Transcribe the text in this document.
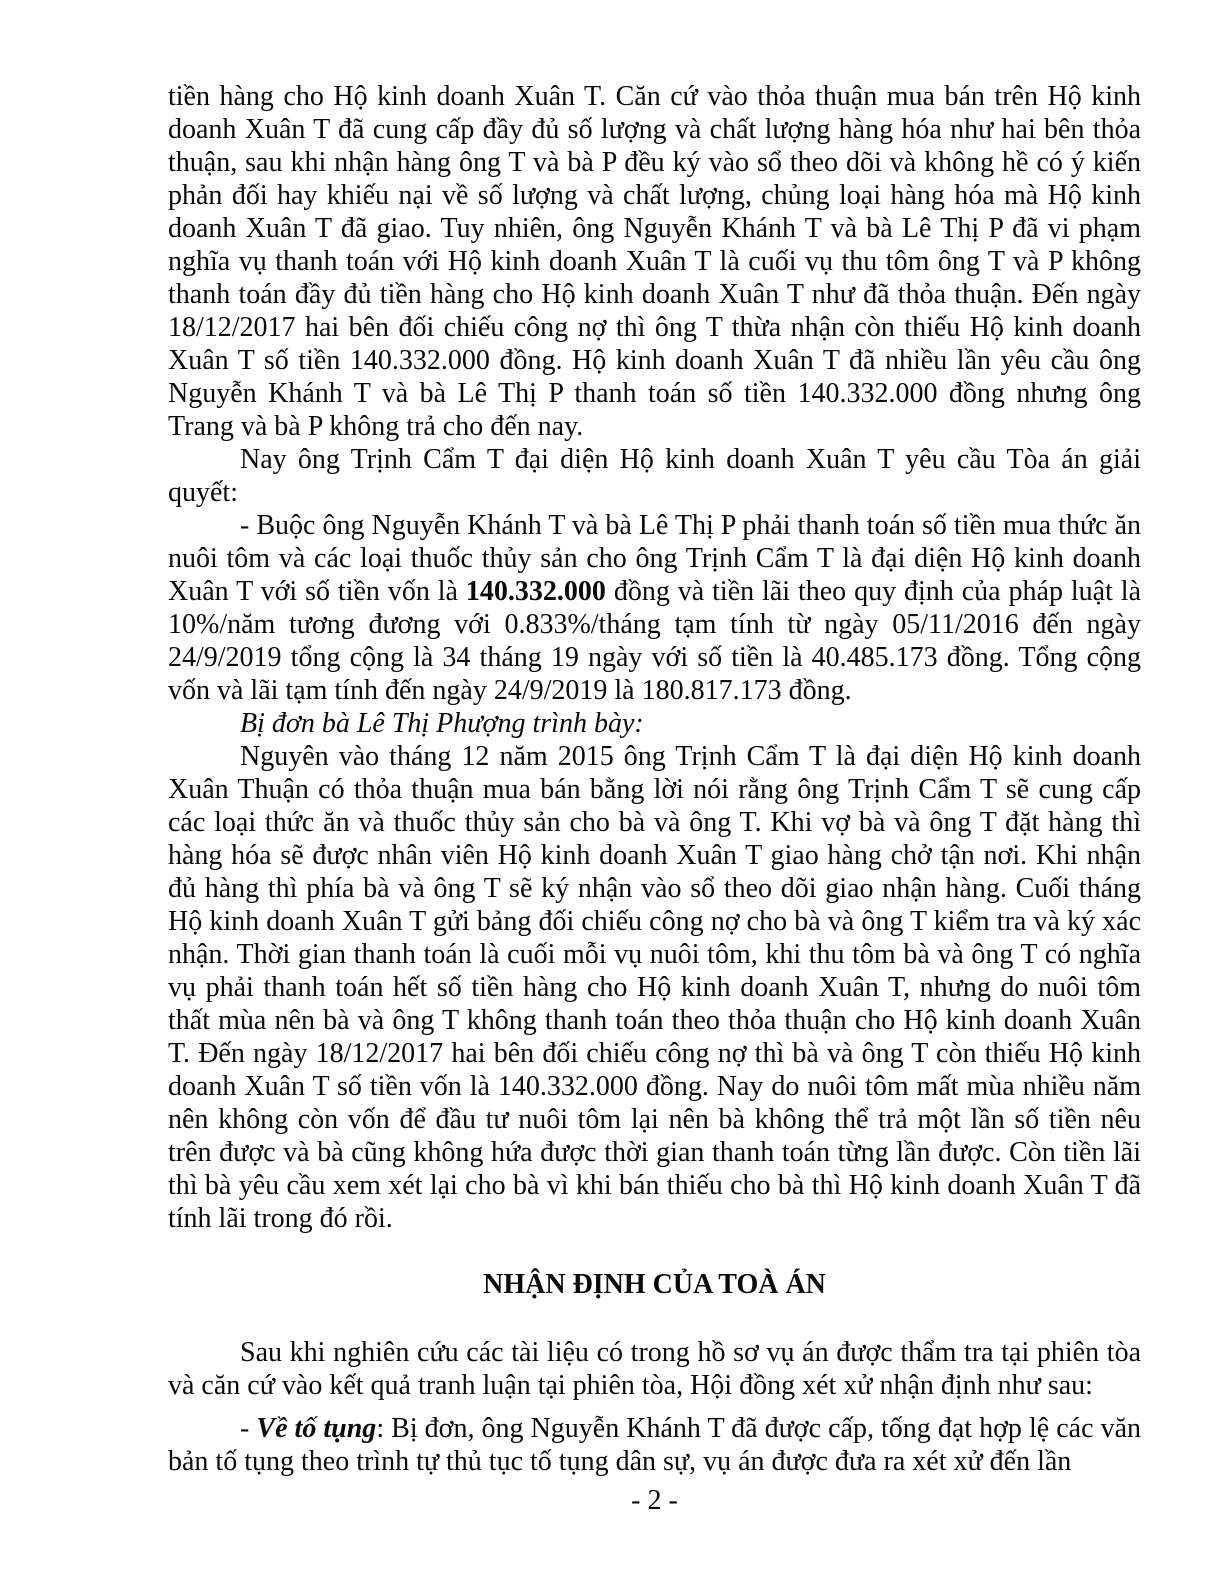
tiền hàng cho Hộ kinh doanh Xuân T. Căn cứ vào thỏa thuận mua bán trên Hộ kinh doanh Xuân T đã cung cấp đầy đủ số lượng và chất lượng hàng hóa như hai bên thỏa thuận, sau khi nhận hàng ông T và bà P đều ký vào sổ theo dõi và không hề có ý kiến phản đối hay khiếu nại về số lượng và chất lượng, chủng loại hàng hóa mà Hộ kinh doanh Xuân T đã giao. Tuy nhiên, ông Nguyễn Khánh T và bà Lê Thị P đã vi phạm nghĩa vụ thanh toán với Hộ kinh doanh Xuân T là cuối vụ thu tôm ông T và P không thanh toán đầy đủ tiền hàng cho Hộ kinh doanh Xuân T như đã thỏa thuận. Đến ngày 18/12/2017 hai bên đối chiếu công nợ thì ông T thừa nhận còn thiếu Hộ kinh doanh Xuân T số tiền 140.332.000 đồng. Hộ kinh doanh Xuân T đã nhiều lần yêu cầu ông Nguyễn Khánh T và bà Lê Thị P thanh toán số tiền 140.332.000 đồng nhưng ông Trang và bà P không trả cho đến nay.

Nay ông Trịnh Cẩm T đại diện Hộ kinh doanh Xuân T yêu cầu Tòa án giải quyết:

- Buộc ông Nguyễn Khánh T và bà Lê Thị P phải thanh toán số tiền mua thức ăn nuôi tôm và các loại thuốc thủy sản cho ông Trịnh Cẩm T là đại diện Hộ kinh doanh Xuân T với số tiền vốn là 140.332.000 đồng và tiền lãi theo quy định của pháp luật là 10%/năm tương đương với 0.833%/tháng tạm tính từ ngày 05/11/2016 đến ngày 24/9/2019 tổng cộng là 34 tháng 19 ngày với số tiền là 40.485.173 đồng. Tổng cộng vốn và lãi tạm tính đến ngày 24/9/2019 là 180.817.173 đồng.

Bị đơn bà Lê Thị Phượng trình bày:

Nguyên vào tháng 12 năm 2015 ông Trịnh Cẩm T là đại diện Hộ kinh doanh Xuân Thuận có thỏa thuận mua bán bằng lời nói rằng ông Trịnh Cẩm T sẽ cung cấp các loại thức ăn và thuốc thủy sản cho bà và ông T. Khi vợ bà và ông T đặt hàng thì hàng hóa sẽ được nhân viên Hộ kinh doanh Xuân T giao hàng chở tận nơi. Khi nhận đủ hàng thì phía bà và ông T sẽ ký nhận vào sổ theo dõi giao nhận hàng. Cuối tháng Hộ kinh doanh Xuân T gửi bảng đối chiếu công nợ cho bà và ông T kiểm tra và ký xác nhận. Thời gian thanh toán là cuối mỗi vụ nuôi tôm, khi thu tôm bà và ông T có nghĩa vụ phải thanh toán hết số tiền hàng cho Hộ kinh doanh Xuân T, nhưng do nuôi tôm thất mùa nên bà và ông T không thanh toán theo thỏa thuận cho Hộ kinh doanh Xuân T. Đến ngày 18/12/2017 hai bên đối chiếu công nợ thì bà và ông T còn thiếu Hộ kinh doanh Xuân T số tiền vốn là 140.332.000 đồng. Nay do nuôi tôm mất mùa nhiều năm nên không còn vốn để đầu tư nuôi tôm lại nên bà không thể trả một lần số tiền nêu trên được và bà cũng không hứa được thời gian thanh toán từng lần được. Còn tiền lãi thì bà yêu cầu xem xét lại cho bà vì khi bán thiếu cho bà thì Hộ kinh doanh Xuân T đã tính lãi trong đó rồi.

NHẬN ĐỊNH CỦA TOÀ ÁN

Sau khi nghiên cứu các tài liệu có trong hồ sơ vụ án được thẩm tra tại phiên tòa và căn cứ vào kết quả tranh luận tại phiên tòa, Hội đồng xét xử nhận định như sau:

- Về tố tụng: Bị đơn, ông Nguyễn Khánh T đã được cấp, tống đạt hợp lệ các văn bản tố tụng theo trình tự thủ tục tố tụng dân sự, vụ án được đưa ra xét xử đến lần

- 2 -
